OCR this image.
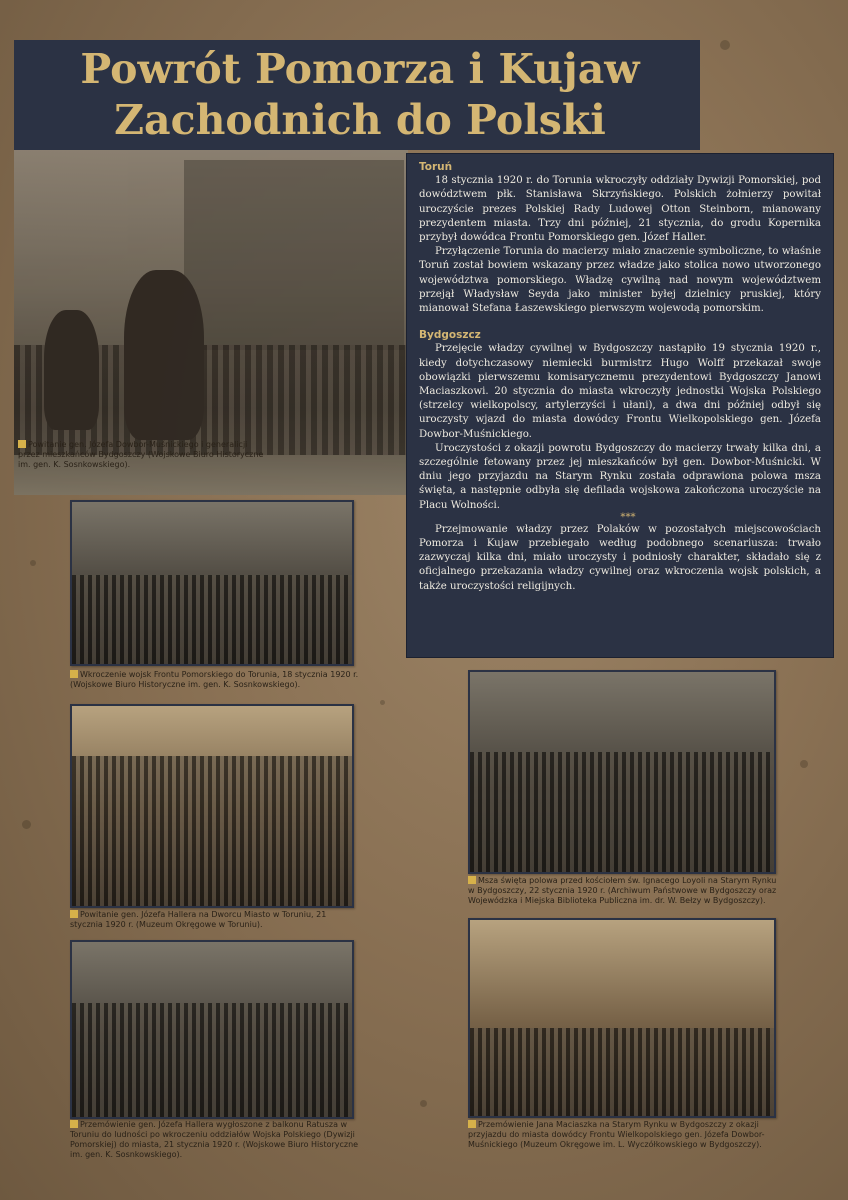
Powrót Pomorza i Kujaw
Zachodnich do Polski
Powitanie gen. Józefa Dowbor-Muśnickiego i generalicji przez mieszkańców Bydgoszczy (Wojskowe Biuro Historyczne im. gen. K. Sosnkowskiego).
Toruń

18 stycznia 1920 r. do Torunia wkroczyły oddziały Dywizji Pomorskiej, pod dowództwem płk. Stanisława Skrzyńskiego. Polskich żołnierzy powitał uroczyście prezes Polskiej Rady Ludowej Otton Steinborn, mianowany prezydentem miasta. Trzy dni później, 21 stycznia, do grodu Kopernika przybył dowódca Frontu Pomorskiego gen. Józef Haller.

Przyłączenie Torunia do macierzy miało znaczenie symboliczne, to właśnie Toruń został bowiem wskazany przez władze jako stolica nowo utworzonego województwa pomorskiego. Władzę cywilną nad nowym województwem przejął Władysław Seyda jako minister byłej dzielnicy pruskiej, który mianował Stefana Łaszewskiego pierwszym wojewodą pomorskim.

Bydgoszcz

Przejęcie władzy cywilnej w Bydgoszczy nastąpiło 19 stycznia 1920 r., kiedy dotychczasowy niemiecki burmistrz Hugo Wolff przekazał swoje obowiązki pierwszemu komisarycznemu prezydentowi Bydgoszczy Janowi Maciaszkowi. 20 stycznia do miasta wkroczyły jednostki Wojska Polskiego (strzelcy wielkopolscy, artylerzyści i ułani), a dwa dni później odbył się uroczysty wjazd do miasta dowódcy Frontu Wielkopolskiego gen. Józefa Dowbor-Muśnickiego.

Uroczystości z okazji powrotu Bydgoszczy do macierzy trwały kilka dni, a szczególnie fetowany przez jej mieszkańców był gen. Dowbor-Muśnicki. W dniu jego przyjazdu na Starym Rynku została odprawiona polowa msza święta, a następnie odbyła się defilada wojskowa zakończona uroczyście na Placu Wolności.

***

Przejmowanie władzy przez Polaków w pozostałych miejscowościach Pomorza i Kujaw przebiegało według podobnego scenariusza: trwało zazwyczaj kilka dni, miało uroczysty i podniosły charakter, składało się z oficjalnego przekazania władzy cywilnej oraz wkroczenia wojsk polskich, a także uroczystości religijnych.

Wkroczenie wojsk Frontu Pomorskiego do Torunia, 18 stycznia 1920 r. (Wojskowe Biuro Historyczne im. gen. K. Sosnkowskiego).
Powitanie gen. Józefa Hallera na Dworcu Miasto w Toruniu, 21 stycznia 1920 r. (Muzeum Okręgowe w Toruniu).
Przemówienie gen. Józefa Hallera wygłoszone z balkonu Ratusza w Toruniu do ludności po wkroczeniu oddziałów Wojska Polskiego (Dywizji Pomorskiej) do miasta, 21 stycznia 1920 r. (Wojskowe Biuro Historyczne im. gen. K. Sosnkowskiego).
Msza święta polowa przed kościołem św. Ignacego Loyoli na Starym Rynku w Bydgoszczy, 22 stycznia 1920 r. (Archiwum Państwowe w Bydgoszczy oraz Wojewódzka i Miejska Biblioteka Publiczna im. dr. W. Bełzy w Bydgoszczy).
Przemówienie Jana Maciaszka na Starym Rynku w Bydgoszczy z okazji przyjazdu do miasta dowódcy Frontu Wielkopolskiego gen. Józefa Dowbor-Muśnickiego (Muzeum Okręgowe im. L. Wyczółkowskiego w Bydgoszczy).
